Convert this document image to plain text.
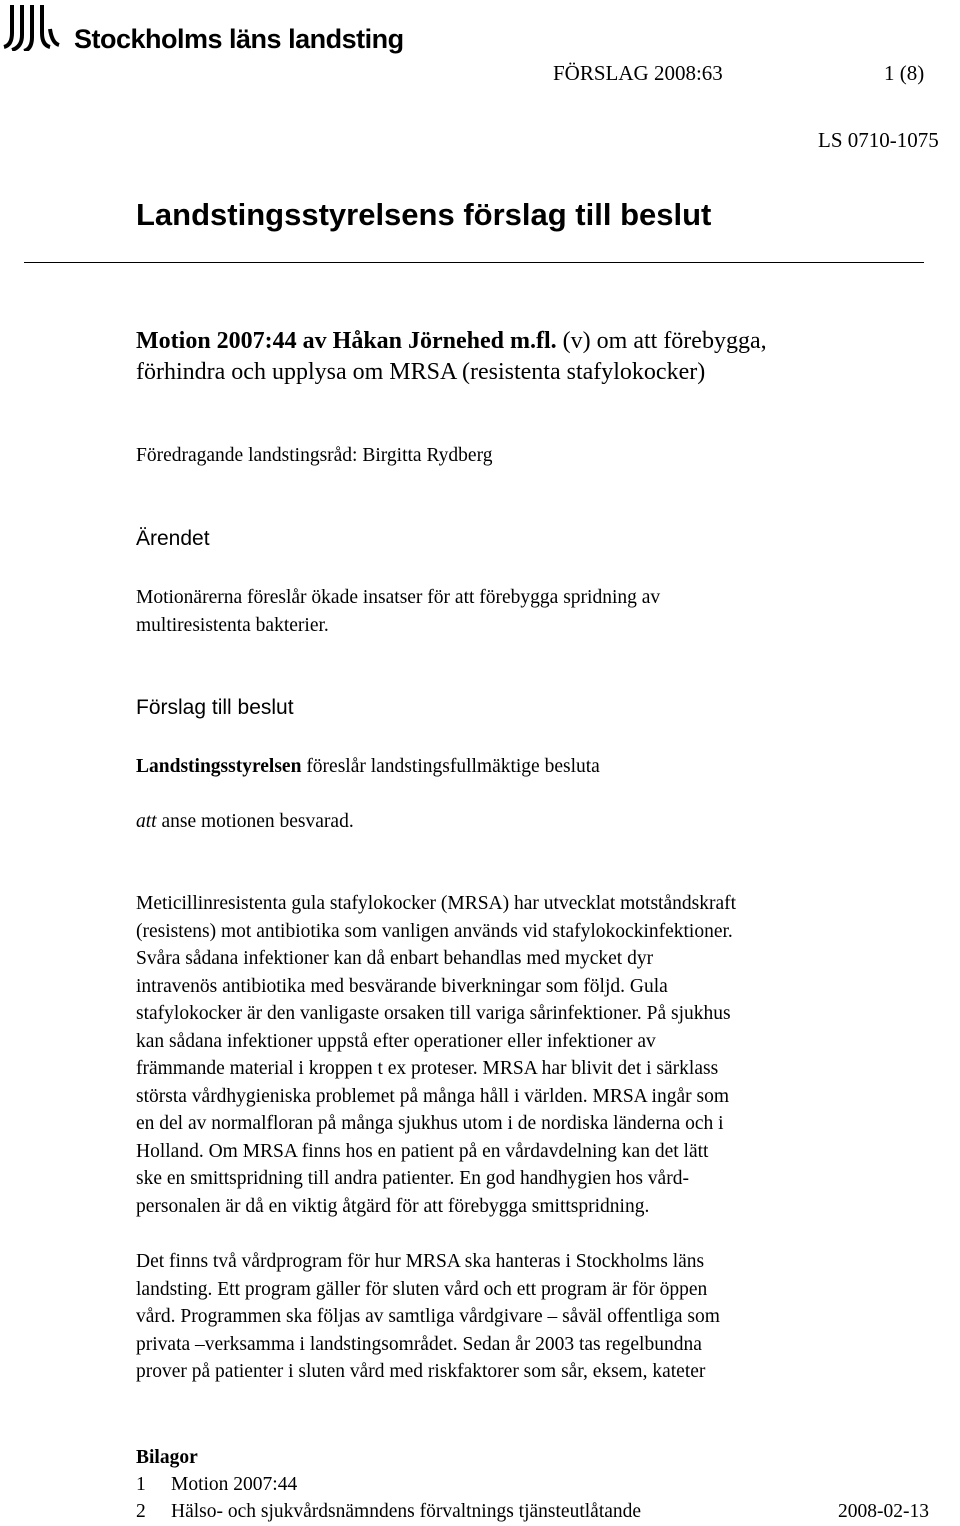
Stockholms läns landsting
FÖRSLAG 2008:63	1 (8)
LS 0710-1075
Landstingsstyrelsens förslag till beslut
Motion 2007:44 av Håkan Jörnehed m.fl. (v) om att förebygga,
förhindra och upplysa om MRSA (resistenta stafylokocker)
Föredragande landstingsråd: Birgitta Rydberg
Ärendet
Motionärerna föreslår ökade insatser för att förebygga spridning av
multiresistenta bakterier.
Förslag till beslut
Landstingsstyrelsen föreslår landstingsfullmäktige besluta
att anse motionen besvarad.
Meticillinresistenta gula stafylokocker (MRSA) har utvecklat motståndskraft
(resistens) mot antibiotika som vanligen används vid stafylokockinfektioner.
Svåra sådana infektioner kan då enbart behandlas med mycket dyr
intravenös antibiotika med besvärande biverkningar som följd. Gula
stafylokocker är den vanligaste orsaken till variga sårinfektioner. På sjukhus
kan sådana infektioner uppstå efter operationer eller infektioner av
främmande material i kroppen t ex proteser. MRSA har blivit det i särklass
största vårdhygieniska problemet på många håll i världen. MRSA ingår som
en del av normalfloran på många sjukhus utom i de nordiska länderna och i
Holland. Om MRSA finns hos en patient på en vårdavdelning kan det lätt
ske en smittspridning till andra patienter. En god handhygien hos vård-
personalen är då en viktig åtgärd för att förebygga smittspridning.
Det finns två vårdprogram för hur MRSA ska hanteras i Stockholms läns
landsting. Ett program gäller för sluten vård och ett program är för öppen
vård. Programmen ska följas av samtliga vårdgivare – såväl offentliga som
privata –verksamma i landstingsområdet. Sedan år 2003 tas regelbundna
prover på patienter i sluten vård med riskfaktorer som sår, eksem, kateter
Bilagor
1 Motion 2007:44
2 Hälso- och sjukvårdsnämndens förvaltnings tjänsteutlåtande	2008-02-13
